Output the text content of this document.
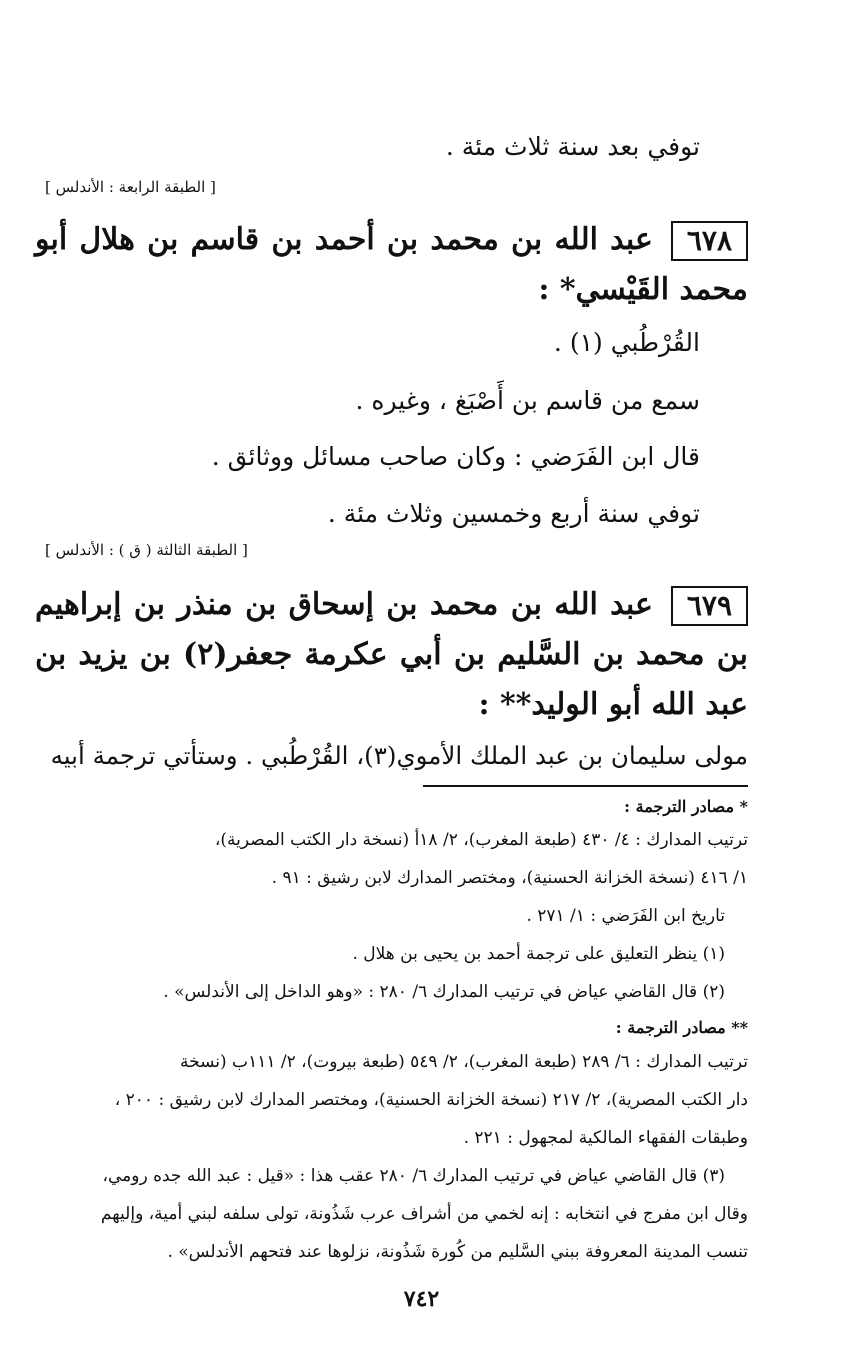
توفي بعد سنة ثلاث مئة .
[ الطبقة الرابعة : الأندلس ]
٦٧٨عبد الله بن محمد بن أحمد بن قاسم بن هلال أبو محمد القَيْسي* :
القُرْطُبي (١) .
سمع من قاسم بن أَصْبَغ ، وغيره .
قال ابن الفَرَضي : وكان صاحب مسائل ووثائق .
توفي سنة أربع وخمسين وثلاث مئة .
[ الطبقة الثالثة ( ق ) : الأندلس ]
٦٧٩عبد الله بن محمد بن إسحاق بن منذر بن إبراهيم بن محمد بن السَّليم بن أبي عكرمة جعفر(٢) بن يزيد بن عبد الله أبو الوليد** :
مولى سليمان بن عبد الملك الأموي(٣)، القُرْطُبي . وستأتي ترجمة أبيه
* مصادر الترجمة :
ترتيب المدارك : ٤/ ٤٣٠ (طبعة المغرب)، ٢/ ١٨أ (نسخة دار الكتب المصرية)،
١/ ٤١٦ (نسخة الخزانة الحسنية)، ومختصر المدارك لابن رشيق : ٩١ .
تاريخ ابن الفَرَضي : ١/ ٢٧١ .
(١) ينظر التعليق على ترجمة أحمد بن يحيى بن هلال .
(٢) قال القاضي عياض في ترتيب المدارك ٦/ ٢٨٠ : «وهو الداخل إلى الأندلس» .
** مصادر الترجمة :
ترتيب المدارك : ٦/ ٢٨٩ (طبعة المغرب)، ٢/ ٥٤٩ (طبعة بيروت)، ٢/ ١١١ب (نسخة
دار الكتب المصرية)، ٢/ ٢١٧ (نسخة الخزانة الحسنية)، ومختصر المدارك لابن رشيق : ٢٠٠ ،
وطبقات الفقهاء المالكية لمجهول : ٢٢١ .
(٣) قال القاضي عياض في ترتيب المدارك ٦/ ٢٨٠ عقب هذا : «قيل : عبد الله جده رومي،
وقال ابن مفرج في انتخابه : إنه لخمي من أشراف عرب شَذُونة، تولى سلفه لبني أمية، وإليهم
تنسب المدينة المعروفة ببني السَّليم من كُورة شَذُونة، نزلوها عند فتحهم الأندلس» .
٧٤٢
